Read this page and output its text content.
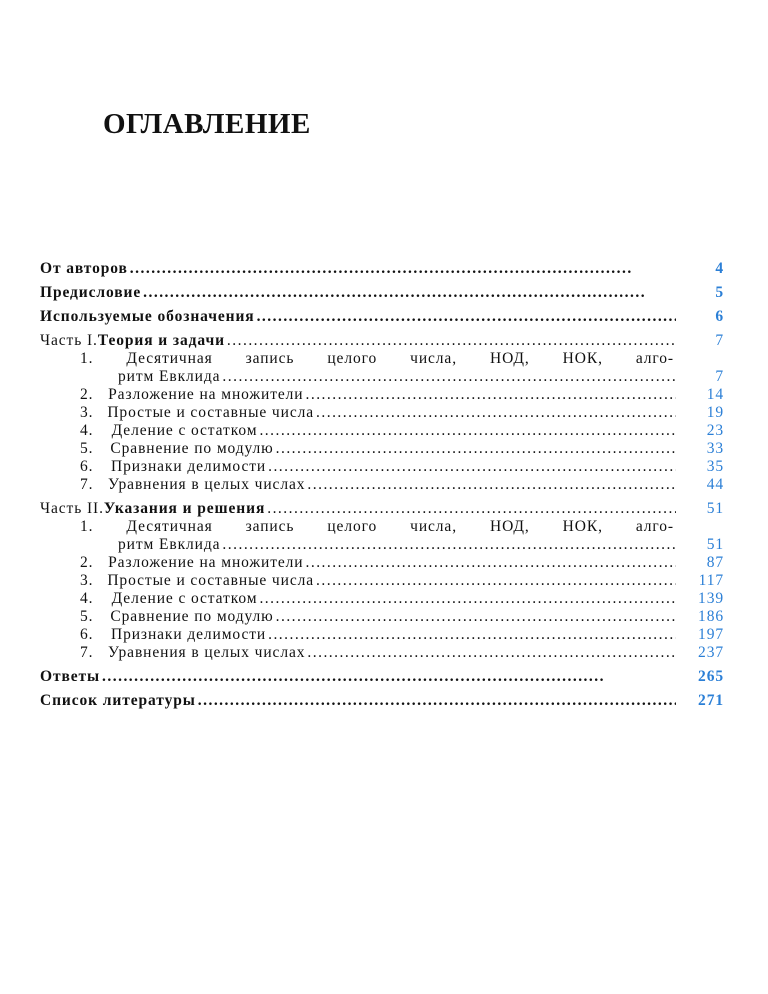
ОГЛАВЛЕНИЕ
От авторов . . .	4
Предисловие . . .	5
Используемые обозначения . . .	6
Часть I. Теория и задачи . . .	7
1. Десятичная запись целого числа, НОД, НОК, алго-
ритм Евклида . . .	7
2. Разложение на множители . . .	14
3. Простые и составные числа . . .	19
4.	Деление с остатком . . .	23
5.	Сравнение по модулю . . .	33
6.	Признаки делимости . . .	35
7. Уравнения в целых числах . . .	44
Часть II. Указания и решения . . .	51
1. Десятичная запись целого числа, НОД, НОК, алго-
ритм Евклида . . .	51
2. Разложение на множители . . .	87
3. Простые и составные числа . . .	117
4.	Деление с остатком . . .	139
5.	Сравнение по модулю . . .	186
6.	Признаки делимости . . .	197
7. Уравнения в целых числах . . .	237
Ответы . . .	265
Список литературы . . .	271
